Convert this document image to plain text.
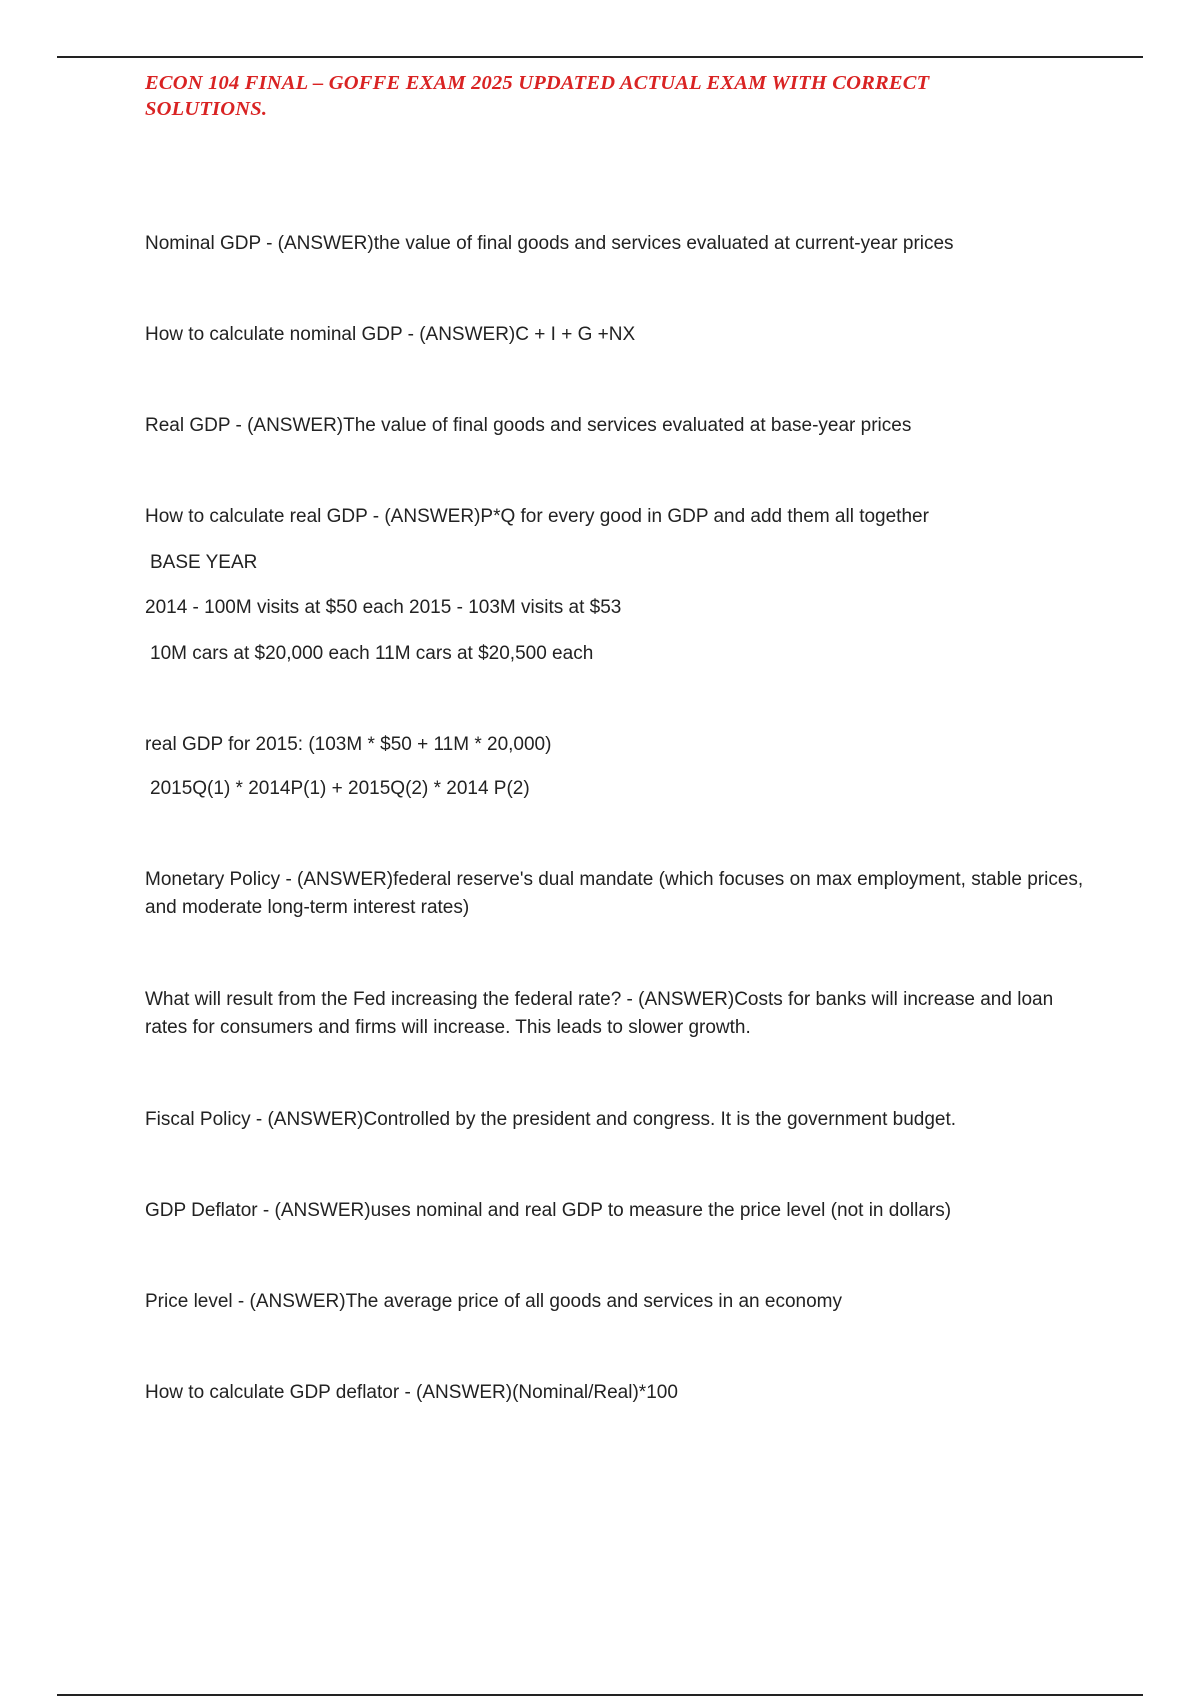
ECON 104 FINAL – GOFFE EXAM 2025 UPDATED ACTUAL EXAM WITH CORRECT SOLUTIONS.

Nominal GDP - (ANSWER)the value of final goods and services evaluated at current-year prices

How to calculate nominal GDP - (ANSWER)C + I + G +NX

Real GDP - (ANSWER)The value of final goods and services evaluated at base-year prices

How to calculate real GDP - (ANSWER)P*Q for every good in GDP and add them all together

BASE YEAR

2014 - 100M visits at $50 each 2015 - 103M visits at $53

10M cars at $20,000 each 11M cars at $20,500 each

real GDP for 2015: (103M * $50 + 11M * 20,000)

2015Q(1) * 2014P(1) + 2015Q(2) * 2014 P(2)

Monetary Policy - (ANSWER)federal reserve's dual mandate (which focuses on max employment, stable prices, and moderate long-term interest rates)

What will result from the Fed increasing the federal rate? - (ANSWER)Costs for banks will increase and loan rates for consumers and firms will increase. This leads to slower growth.

Fiscal Policy - (ANSWER)Controlled by the president and congress. It is the government budget.

GDP Deflator - (ANSWER)uses nominal and real GDP to measure the price level (not in dollars)

Price level - (ANSWER)The average price of all goods and services in an economy

How to calculate GDP deflator - (ANSWER)(Nominal/Real)*100
